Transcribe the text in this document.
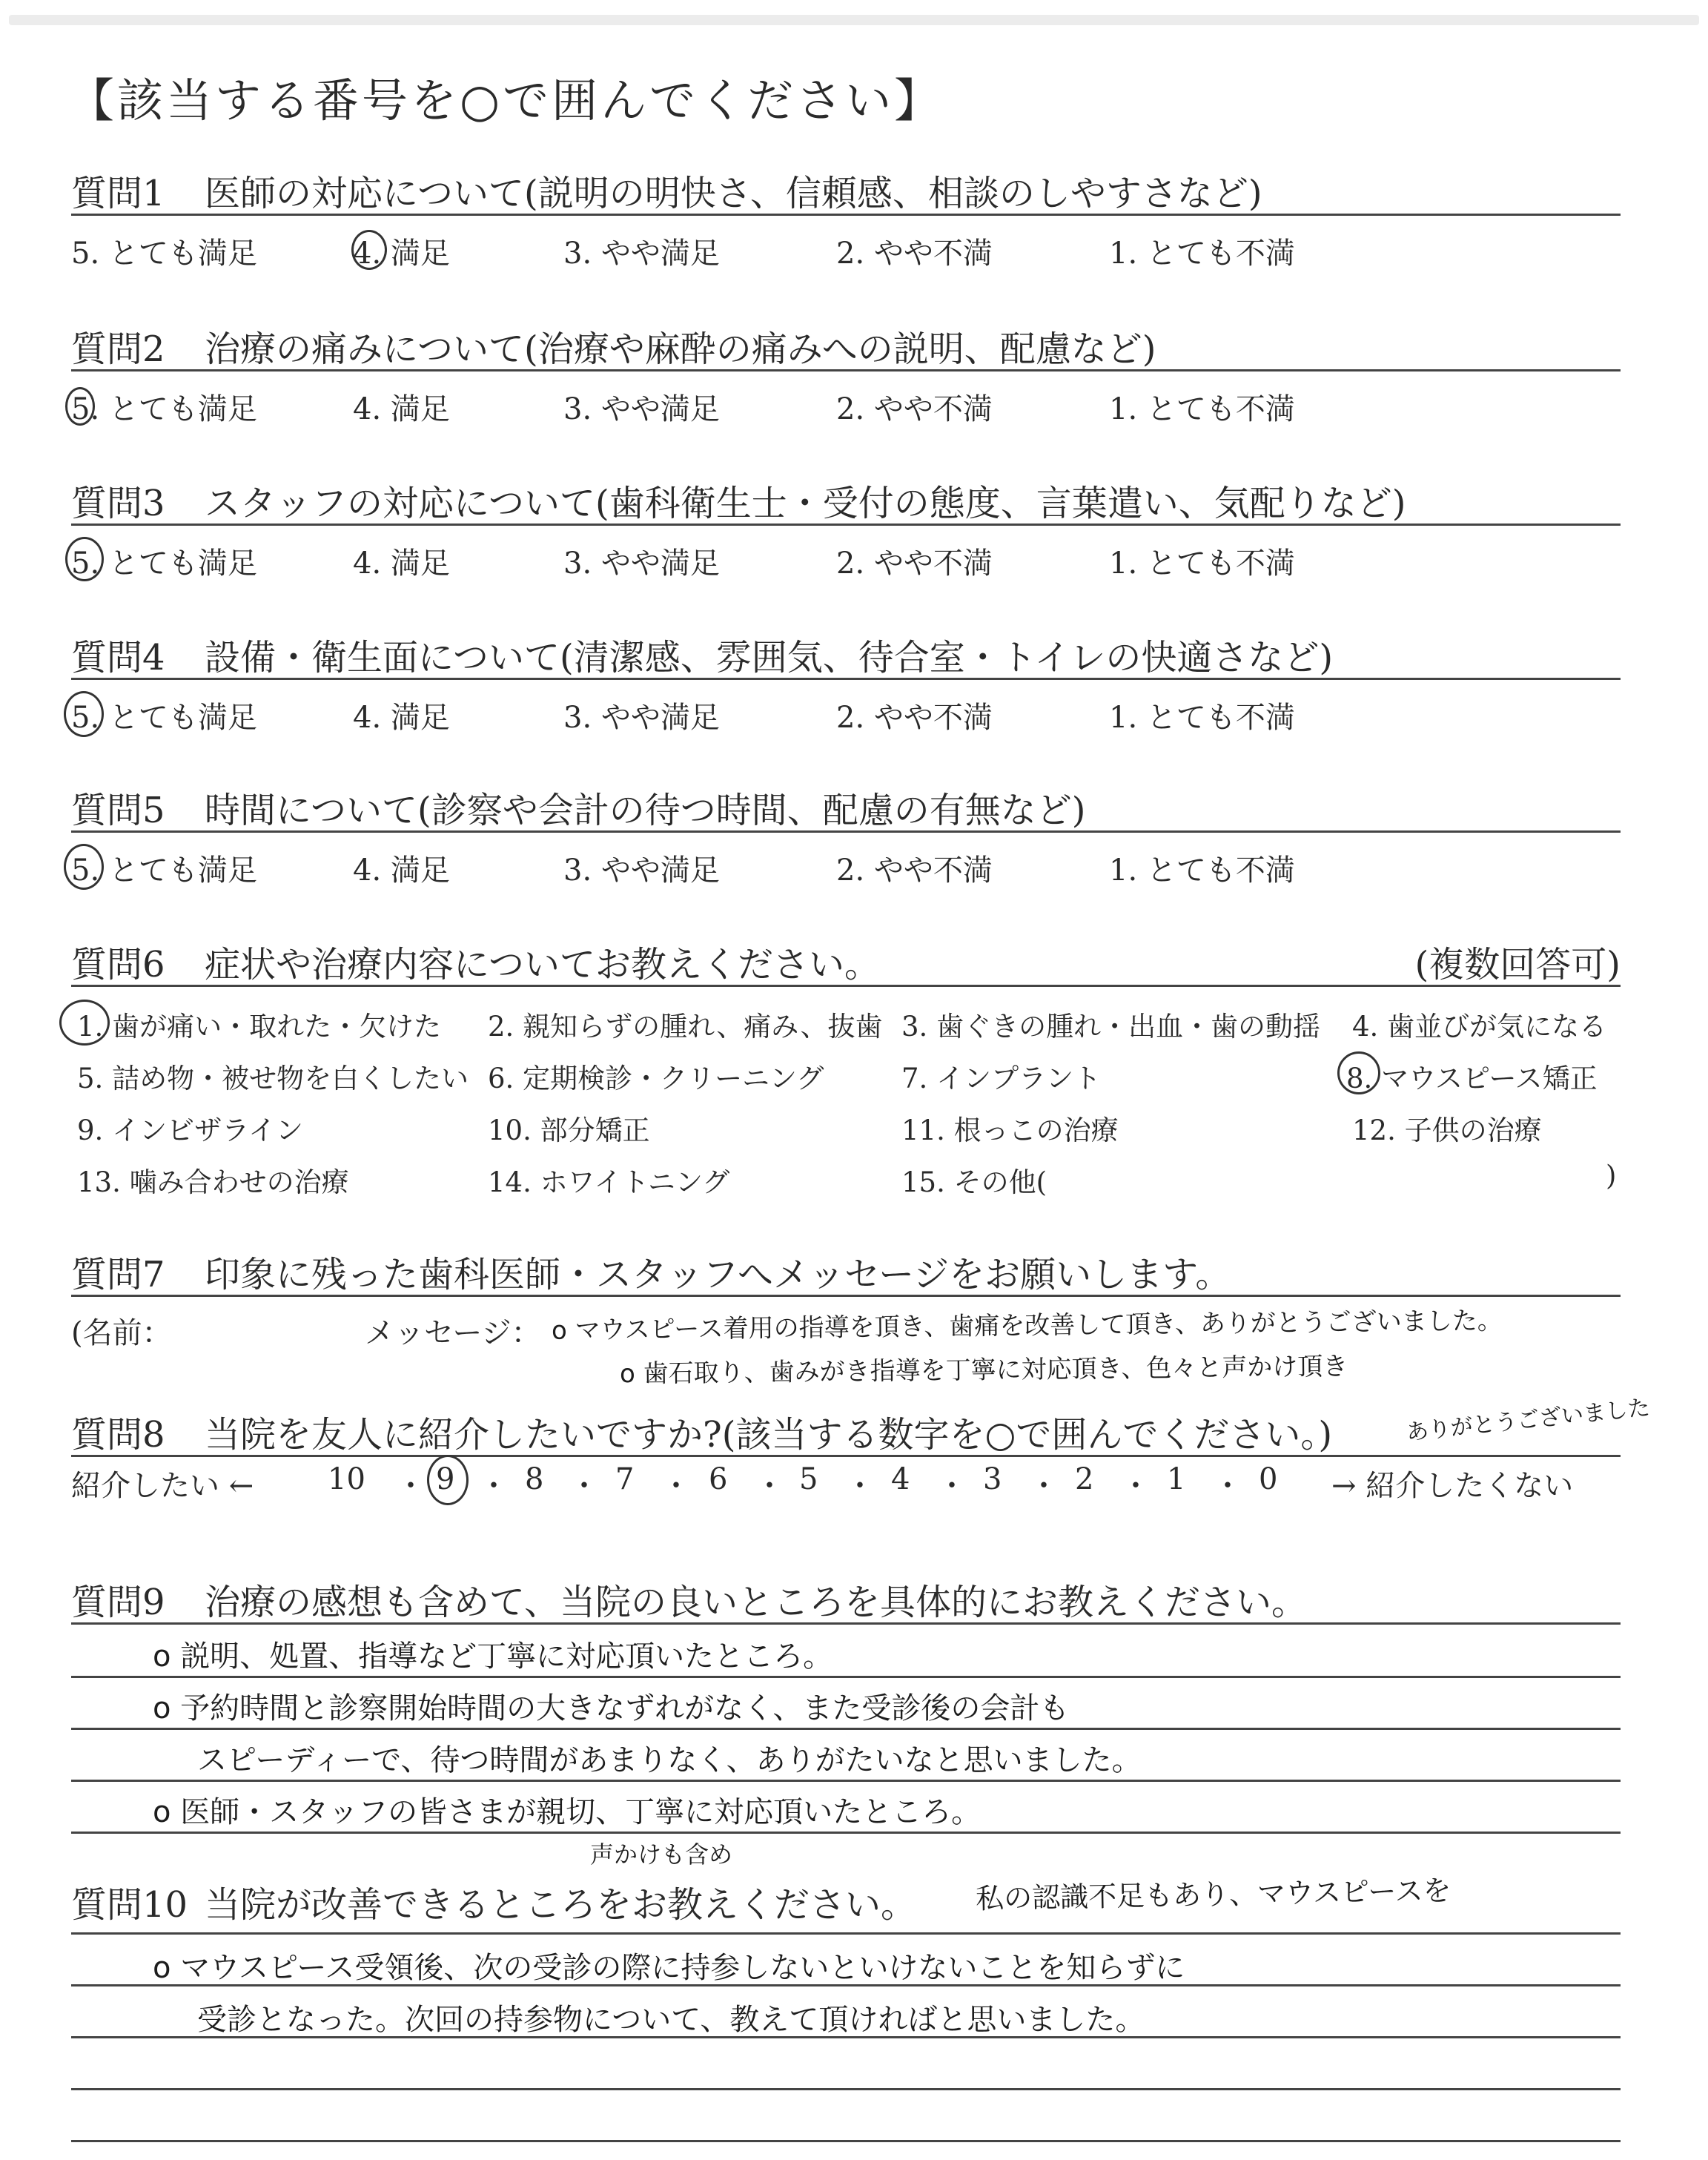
【該当する番号を○で囲んでください】
質問1 医師の対応について(説明の明快さ、信頼感、相談のしやすさなど)
5. とても満足	4. 満足	3. やや満足	2. やや不満	1. とても不満
質問2 治療の痛みについて(治療や麻酔の痛みへの説明、配慮など)
5. とても満足	4. 満足	3. やや満足	2. やや不満	1. とても不満
質問3 スタッフの対応について(歯科衛生士・受付の態度、言葉遣い、気配りなど)
5. とても満足	4. 満足	3. やや満足	2. やや不満	1. とても不満
質問4 設備・衛生面について(清潔感、雰囲気、待合室・トイレの快適さなど)
5. とても満足	4. 満足	3. やや満足	2. やや不満	1. とても不満
質問5 時間について(診察や会計の待つ時間、配慮の有無など)
5. とても満足	4. 満足	3. やや満足	2. やや不満	1. とても不満
質問6 症状や治療内容についてお教えください。	(複数回答可)
1. 歯が痛い・取れた・欠けた 2. 親知らずの腫れ、痛み、抜歯 3. 歯ぐきの腫れ・出血・歯の動揺 4. 歯並びが気になる
5. 詰め物・被せ物を白くしたい 6. 定期検診・クリーニング	7. インプラント	8. マウスピース矯正
9. インビザライン	10. 部分矯正	11. 根っこの治療	12. 子供の治療
13. 噛み合わせの治療	14. ホワイトニング	15. その他(	)
質問7 印象に残った歯科医師・スタッフへメッセージをお願いします。
(名前：	メッセージ： o マウスピース着用の指導を頂き、歯痛を改善して頂き、ありがとうございました。
o 歯石取り、歯みがき指導を丁寧に対応頂き、色々と声かけ頂き
ありがとうございました
質問8 当院を友人に紹介したいですか?(該当する数字を○で囲んでください。)
紹介したい ← 10 ・ 9 ・ 8 ・ 7 ・ 6 ・ 5 ・ 4 ・ 3 ・ 2 ・ 1 ・ 0 → 紹介したくない
質問9 治療の感想も含めて、当院の良いところを具体的にお教えください。
o 説明、処置、指導など丁寧に対応頂いたところ。
o 予約時間と診察開始時間の大きなずれがなく、また受診後の会計も
スピーディーで、待つ時間があまりなく、ありがたいなと思いました。
o 医師・スタッフの皆さまが親切、丁寧に対応頂いたところ。
声かけも含め
質問10 当院が改善できるところをお教えください。 私の認識不足もあり、マウスピースを
o マウスピース受領後、次の受診の際に持参しないといけないことを知らずに
受診となった。次回の持参物について、教えて頂ければと思いました。
